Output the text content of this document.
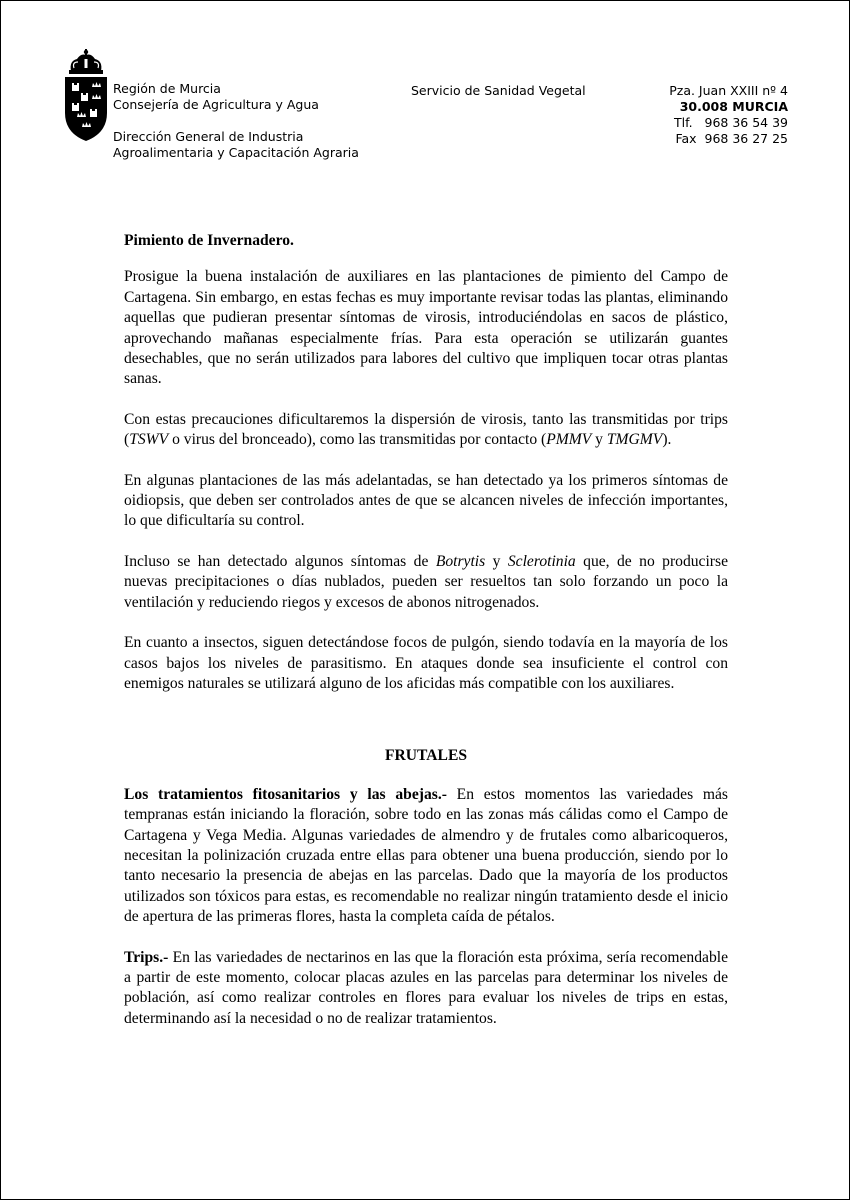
Región de Murcia
Consejería de Agricultura y Agua
Dirección General de Industria
Agroalimentaria y Capacitación Agraria
Servicio de Sanidad Vegetal	Pza. Juan XXIII nº 4
30.008 MURCIA
Tlf.   968 36 54 39
Fax  968 36 27 25

Pimiento de Invernadero.

Prosigue la buena instalación de auxiliares en las plantaciones de pimiento del Campo de Cartagena. Sin embargo, en estas fechas es muy importante revisar todas las plantas, eliminando aquellas que pudieran presentar síntomas de virosis, introduciéndolas en sacos de plástico, aprovechando mañanas especialmente frías. Para esta operación se utilizarán guantes desechables, que no serán utilizados para labores del cultivo que impliquen tocar otras plantas sanas.

Con estas precauciones dificultaremos la dispersión de virosis, tanto las transmitidas por trips (TSWV o virus del bronceado), como las transmitidas por contacto (PMMV y TMGMV).

En algunas plantaciones de las más adelantadas, se han detectado ya los primeros síntomas de oidiopsis, que deben ser controlados antes de que se alcancen niveles de infección importantes, lo que dificultaría su control.

Incluso se han detectado algunos síntomas de Botrytis y Sclerotinia que, de no producirse nuevas precipitaciones o días nublados, pueden ser resueltos tan solo forzando un poco la ventilación y reduciendo riegos y excesos de abonos nitrogenados.

En cuanto a insectos, siguen detectándose focos de pulgón, siendo todavía en la mayoría de los casos bajos los niveles de parasitismo. En ataques donde sea insuficiente el control con enemigos naturales se utilizará alguno de los aficidas más compatible con los auxiliares.

FRUTALES

Los tratamientos fitosanitarios y las abejas.- En estos momentos las variedades más tempranas están iniciando la floración, sobre todo en las zonas más cálidas como el Campo de Cartagena y Vega Media. Algunas variedades de almendro y de frutales como albaricoqueros, necesitan la polinización cruzada entre ellas para obtener una buena producción, siendo por lo tanto necesario la presencia de abejas en las parcelas. Dado que la mayoría de los productos utilizados son tóxicos para estas, es recomendable no realizar ningún tratamiento desde el inicio de apertura de las primeras flores, hasta la completa caída de pétalos.

Trips.- En las variedades de nectarinos en las que la floración esta próxima, sería recomendable a partir de este momento, colocar placas azules en las parcelas para determinar los niveles de población, así como realizar controles en flores para evaluar los niveles de trips en estas, determinando así la necesidad o no de realizar tratamientos.
